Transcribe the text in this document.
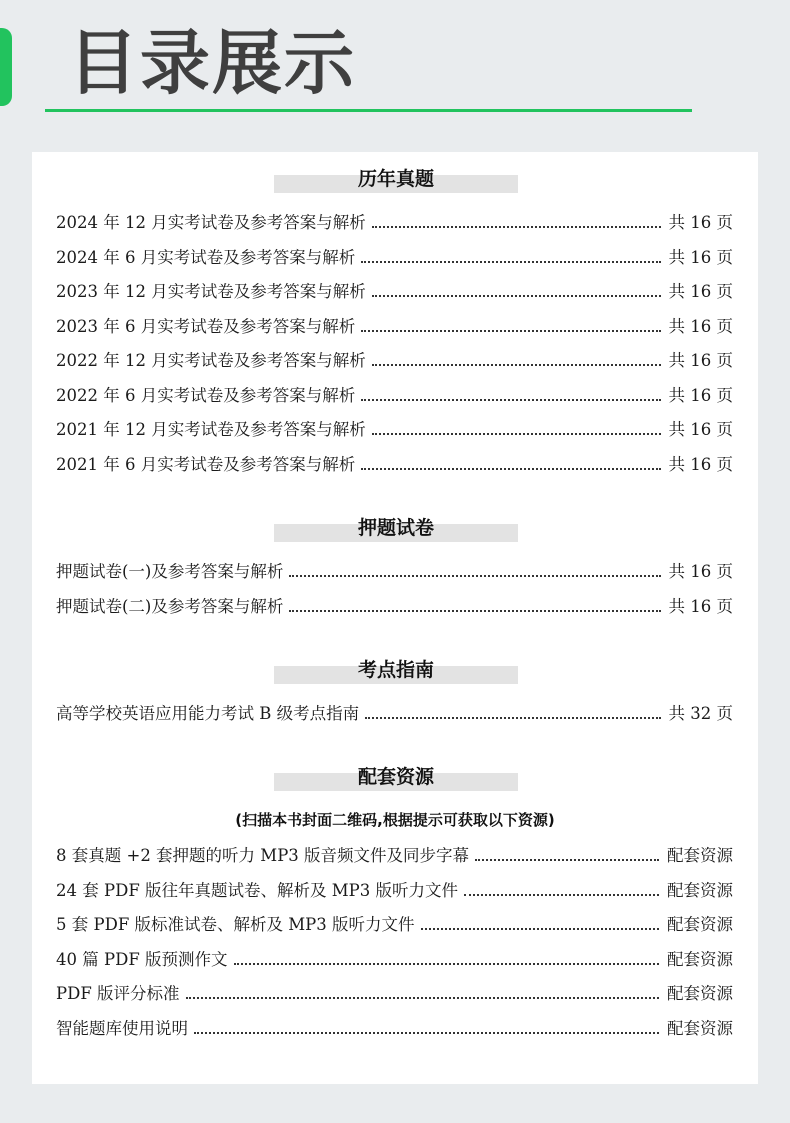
目录展示
历年真题
2024 年 12 月实考试卷及参考答案与解析	共 16 页
2024 年 6 月实考试卷及参考答案与解析	共 16 页
2023 年 12 月实考试卷及参考答案与解析	共 16 页
2023 年 6 月实考试卷及参考答案与解析	共 16 页
2022 年 12 月实考试卷及参考答案与解析	共 16 页
2022 年 6 月实考试卷及参考答案与解析	共 16 页
2021 年 12 月实考试卷及参考答案与解析	共 16 页
2021 年 6 月实考试卷及参考答案与解析	共 16 页
押题试卷
押题试卷(一)及参考答案与解析	共 16 页
押题试卷(二)及参考答案与解析	共 16 页
考点指南
高等学校英语应用能力考试 B 级考点指南	共 32 页
配套资源
(扫描本书封面二维码,根据提示可获取以下资源)
8 套真题 +2 套押题的听力 MP3 版音频文件及同步字幕	配套资源
24 套 PDF 版往年真题试卷、解析及 MP3 版听力文件	配套资源
5 套 PDF 版标准试卷、解析及 MP3 版听力文件	配套资源
40 篇 PDF 版预测作文	配套资源
PDF 版评分标准	配套资源
智能题库使用说明	配套资源
